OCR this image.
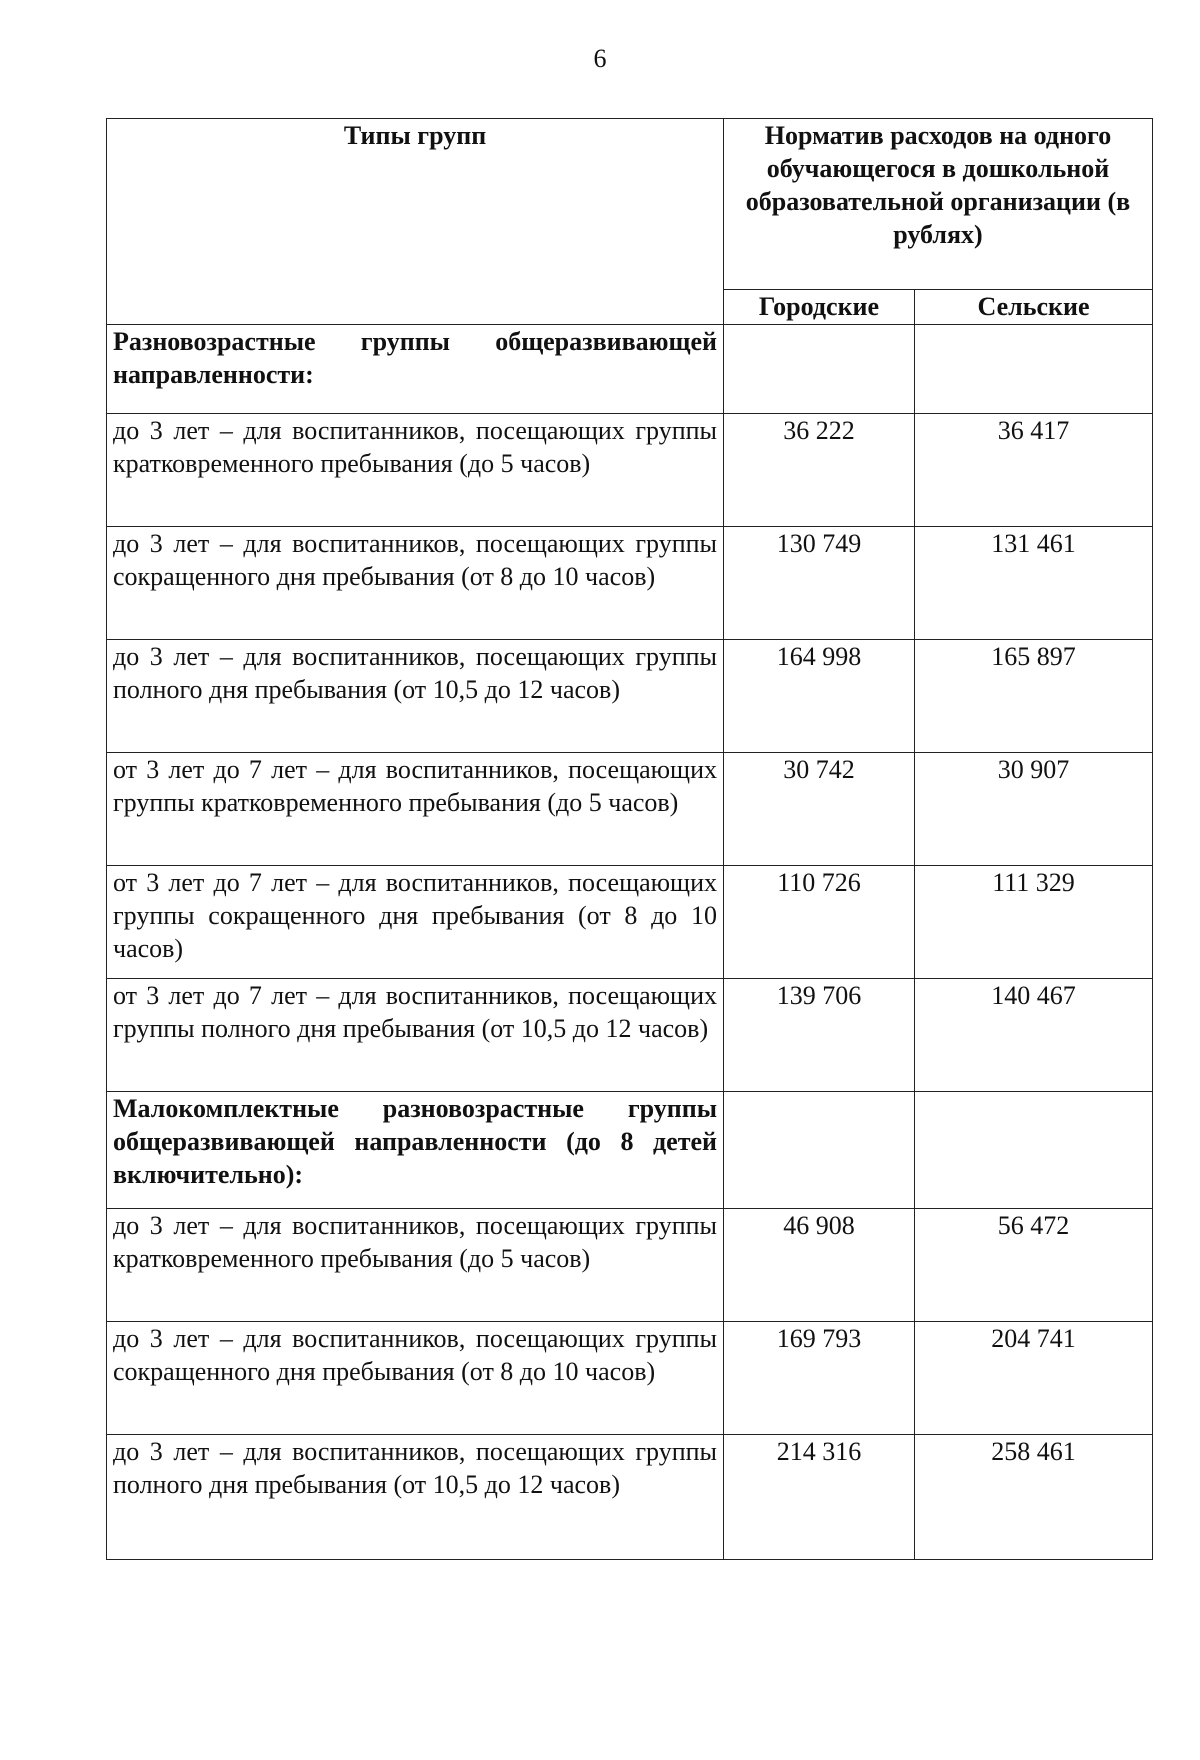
6
Типы групп	Норматив расходов на одного обучающегося в дошкольной образовательной организации (в рублях)	
	Городские	Сельские
Разновозрастные группы общеразвивающей направленности:		
до 3 лет – для воспитанников, посещающих группы кратковременного пребывания (до 5 часов)	36 222	36 417
до 3 лет – для воспитанников, посещающих группы сокращенного дня пребывания (от 8 до 10 часов)	130 749	131 461
до 3 лет – для воспитанников, посещающих группы полного дня пребывания (от 10,5 до 12 часов)	164 998	165 897
от 3 лет до 7 лет – для воспитанников, посещающих группы кратковременного пребывания (до 5 часов)	30 742	30 907
от 3 лет до 7 лет – для воспитанников, посещающих группы сокращенного дня пребывания (от 8 до 10 часов)	110 726	111 329
от 3 лет до 7 лет – для воспитанников, посещающих группы полного дня пребывания (от 10,5 до 12 часов)	139 706	140 467
Малокомплектные разновозрастные группы общеразвивающей направленности (до 8 детей включительно):		
до 3 лет – для воспитанников, посещающих группы кратковременного пребывания (до 5 часов)	46 908	56 472
до 3 лет – для воспитанников, посещающих группы сокращенного дня пребывания (от 8 до 10 часов)	169 793	204 741
до 3 лет – для воспитанников, посещающих группы полного дня пребывания (от 10,5 до 12 часов)	214 316	258 461
